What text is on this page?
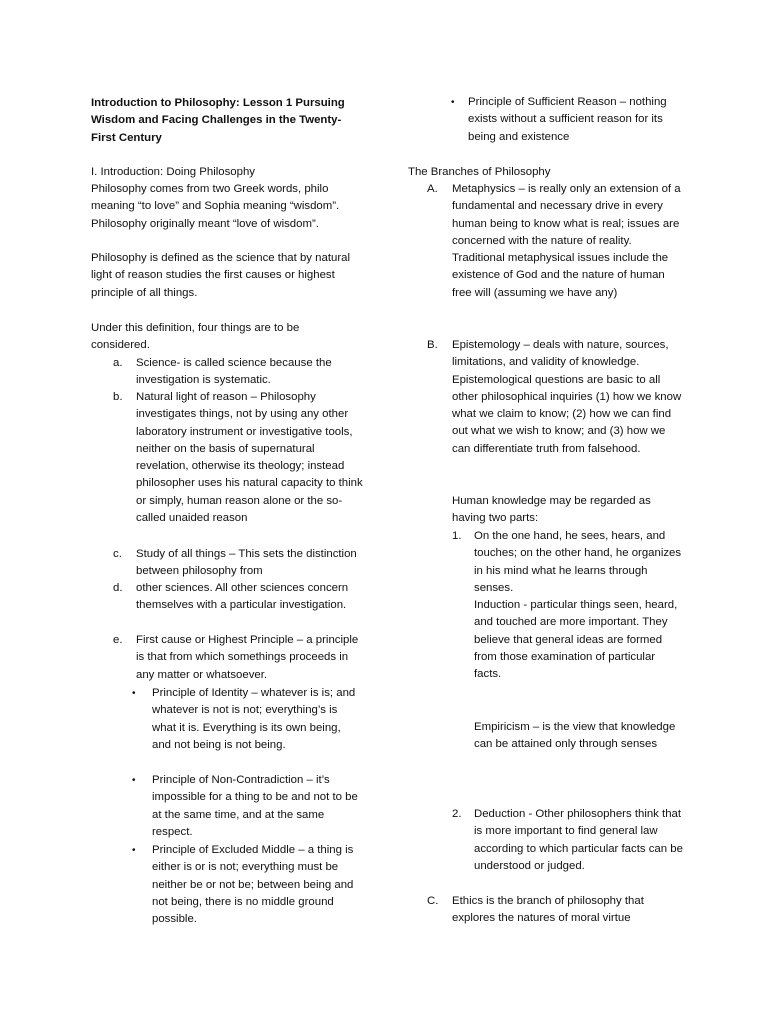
Introduction to Philosophy: Lesson 1 Pursuing Wisdom and Facing Challenges in the Twenty-First Century

I. Introduction: Doing Philosophy

Philosophy comes from two Greek words, philo meaning “to love” and Sophia meaning “wisdom”. Philosophy originally meant “love of wisdom”.

Philosophy is defined as the science that by natural light of reason studies the first causes or highest principle of all things.

Under this definition, four things are to be considered.

a. Science- is called science because the investigation is systematic.
b. Natural light of reason – Philosophy investigates things, not by using any other laboratory instrument or investigative tools, neither on the basis of supernatural revelation, otherwise its theology; instead philosopher uses his natural capacity to think or simply, human reason alone or the so-called unaided reason
c. Study of all things – This sets the distinction between philosophy from
d. other sciences. All other sciences concern themselves with a particular investigation.
e. First cause or Highest Principle – a principle is that from which somethings proceeds in any matter or whatsoever.
• Principle of Identity – whatever is is; and whatever is not is not; everything’s is what it is. Everything is its own being, and not being is not being.
• Principle of Non-Contradiction – it’s impossible for a thing to be and not to be at the same time, and at the same respect.
• Principle of Excluded Middle – a thing is either is or is not; everything must be neither be or not be; between being and not being, there is no middle ground possible.
• Principle of Sufficient Reason – nothing exists without a sufficient reason for its being and existence

The Branches of Philosophy

A. Metaphysics – is really only an extension of a fundamental and necessary drive in every human being to know what is real; issues are concerned with the nature of reality. Traditional metaphysical issues include the existence of God and the nature of human free will (assuming we have any)
B. Epistemology – deals with nature, sources, limitations, and validity of knowledge. Epistemological questions are basic to all other philosophical inquiries (1) how we know what we claim to know; (2) how we can find out what we wish to know; and (3) how we can differentiate truth from falsehood.

Human knowledge may be regarded as having two parts:

1. On the one hand, he sees, hears, and touches; on the other hand, he organizes in his mind what he learns through senses.

Induction - particular things seen, heard, and touched are more important. They believe that general ideas are formed from those examination of particular facts.

Empiricism – is the view that knowledge can be attained only through senses

2. Deduction - Other philosophers think that is more important to find general law according to which particular facts can be understood or judged.
C. Ethics is the branch of philosophy that explores the natures of moral virtue
